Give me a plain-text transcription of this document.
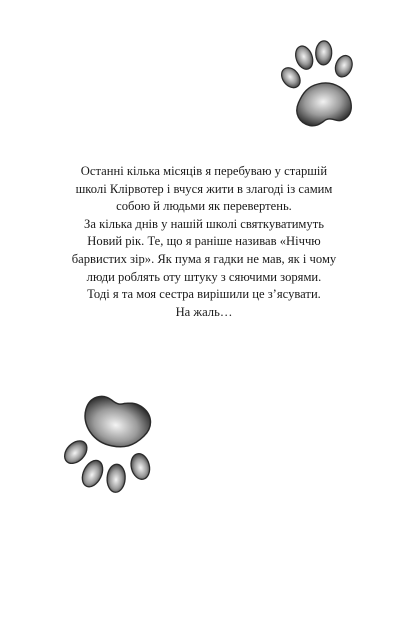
Останні кілька місяців я перебуваю у старшій
школі Клірвотер і вчуся жити в злагоді із самим
собою й людьми як перевертень.
За кілька днів у нашій школі святкуватимуть
Новий рік. Те, що я раніше називав «Ніччю
барвистих зір». Як пума я гадки не мав, як і чому
люди роблять оту штуку з сяючими зорями.
Тоді я та моя сестра вирішили це з’ясувати.
На жаль…
